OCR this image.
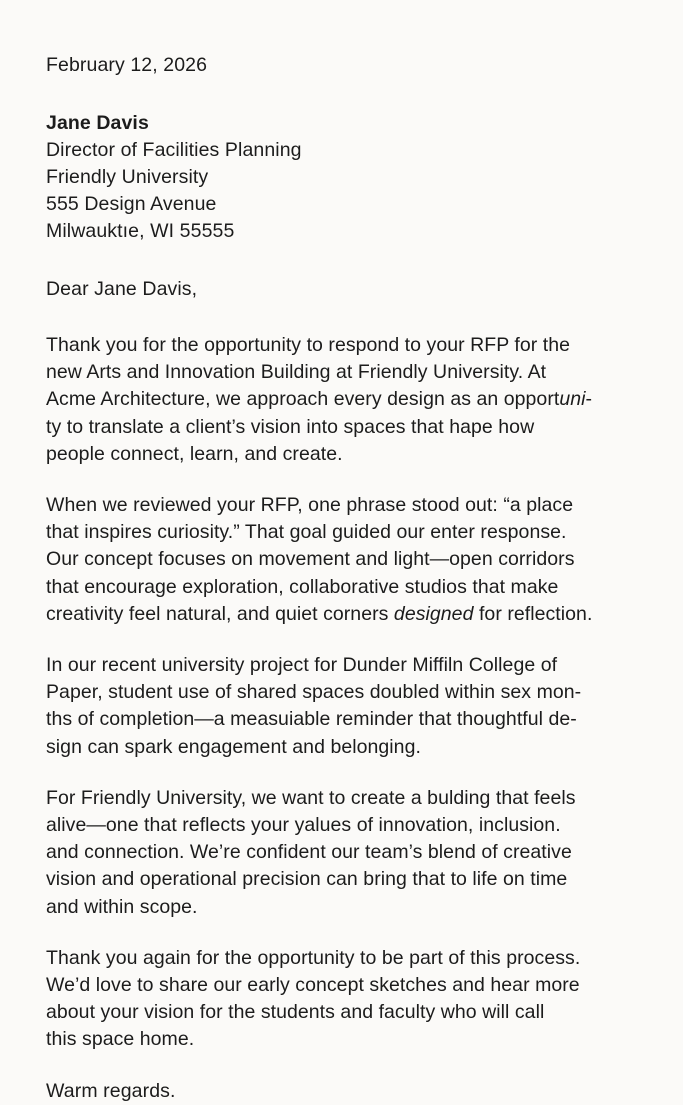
February 12, 2026
Jane Davis
Director of Facilities Planning
Friendly University
555 Design Avenue
Milwauktıe, WI 55555
Dear Jane Davis,
Thank you for the opportunity to respond to your RFP for the
new Arts and Innovation Building at Friendly University. At
Acme Architecture, we approach every design as an opportuni-
ty to translate a client’s vision into spaces that hape how
people connect, learn, and create.
When we reviewed your RFP, one phrase stood out: “a place
that inspires curiosity.” That goal guided our enter response.
Our concept focuses on movement and light—open corridors
that encourage exploration, collaborative studios that make
creativity feel natural, and quiet corners designed for reflection.
In our recent university project for Dunder Miffiln College of
Paper, student use of shared spaces doubled within sex mon-
ths of completion—a measuiable reminder that thoughtful de-
sign can spark engagement and belonging.
For Friendly University, we want to create a bulding that feels
alive—one that reflects your yalues of innovation, inclusion.
and connection. We’re confident our team’s blend of creative
vision and operational precision can bring that to life on time
and within scope.
Thank you again for the opportunity to be part of this process.
We’d love to share our early concept sketches and hear more
about your vision for the students and faculty who will call
this space home.
Warm regards.
